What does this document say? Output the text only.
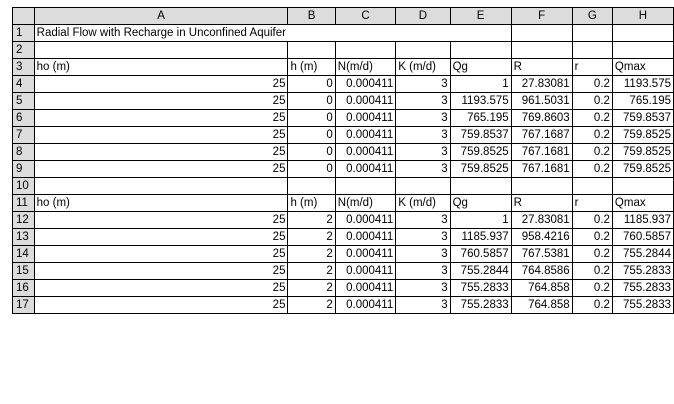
	A	B	C	D	E	F	G	H
1	Radial Flow with Recharge in Unconfined Aquifer							
2								
3	ho (m)	h (m)	N(m/d)	K (m/d)	Qg	R	r	Qmax
4	25	0	0.000411	3	1	27.83081	0.2	1193.575
5	25	0	0.000411	3	1193.575	961.5031	0.2	765.195
6	25	0	0.000411	3	765.195	769.8603	0.2	759.8537
7	25	0	0.000411	3	759.8537	767.1687	0.2	759.8525
8	25	0	0.000411	3	759.8525	767.1681	0.2	759.8525
9	25	0	0.000411	3	759.8525	767.1681	0.2	759.8525
10								
11	ho (m)	h (m)	N(m/d)	K (m/d)	Qg	R	r	Qmax
12	25	2	0.000411	3	1	27.83081	0.2	1185.937
13	25	2	0.000411	3	1185.937	958.4216	0.2	760.5857
14	25	2	0.000411	3	760.5857	767.5381	0.2	755.2844
15	25	2	0.000411	3	755.2844	764.8586	0.2	755.2833
16	25	2	0.000411	3	755.2833	764.858	0.2	755.2833
17	25	2	0.000411	3	755.2833	764.858	0.2	755.2833
